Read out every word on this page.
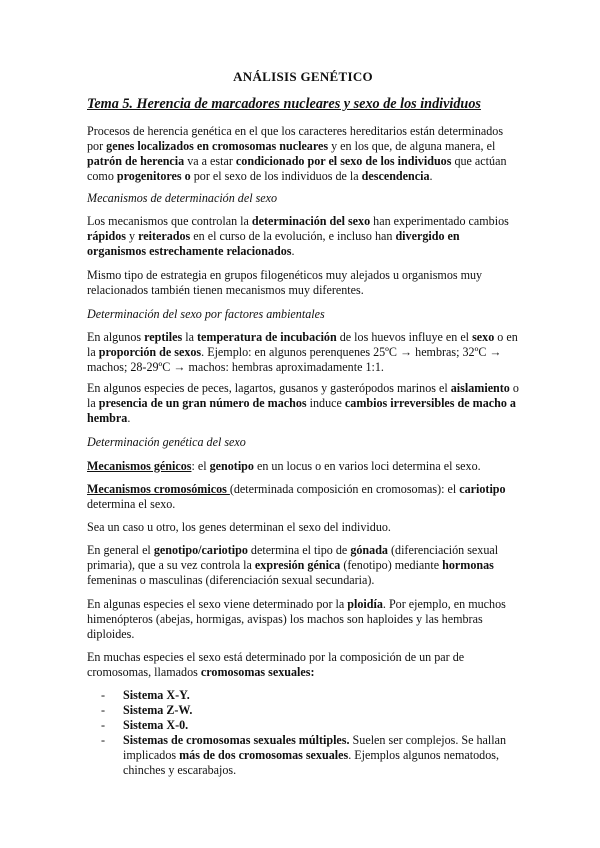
ANÁLISIS GENÉTICO
Tema 5. Herencia de marcadores nucleares y sexo de los individuos

Procesos de herencia genética en el que los caracteres hereditarios están determinados por genes localizados en cromosomas nucleares y en los que, de alguna manera, el patrón de herencia va a estar condicionado por el sexo de los individuos que actúan como progenitores o por el sexo de los individuos de la descendencia.

Mecanismos de determinación del sexo

Los mecanismos que controlan la determinación del sexo han experimentado cambios rápidos y reiterados en el curso de la evolución, e incluso han divergido en organismos estrechamente relacionados.

Mismo tipo de estrategia en grupos filogenéticos muy alejados u organismos muy relacionados también tienen mecanismos muy diferentes.

Determinación del sexo por factores ambientales

En algunos reptiles la temperatura de incubación de los huevos influye en el sexo o en la proporción de sexos. Ejemplo: en algunos perenquenes 25ºC → hembras; 32ºC → machos; 28-29ºC → machos: hembras aproximadamente 1:1.

En algunos especies de peces, lagartos, gusanos y gasterópodos marinos el aislamiento o la presencia de un gran número de machos induce cambios irreversibles de macho a hembra.

Determinación genética del sexo

Mecanismos génicos: el genotipo en un locus o en varios loci determina el sexo.

Mecanismos cromosómicos (determinada composición en cromosomas): el cariotipo determina el sexo.

Sea un caso u otro, los genes determinan el sexo del individuo.

En general el genotipo/cariotipo determina el tipo de gónada (diferenciación sexual primaria), que a su vez controla la expresión génica (fenotipo) mediante hormonas femeninas o masculinas (diferenciación sexual secundaria).

En algunas especies el sexo viene determinado por la ploidía. Por ejemplo, en muchos himenópteros (abejas, hormigas, avispas) los machos son haploides y las hembras diploides.

En muchas especies el sexo está determinado por la composición de un par de cromosomas, llamados cromosomas sexuales:

- Sistema X-Y.
- Sistema Z-W.
- Sistema X-0.
- Sistemas de cromosomas sexuales múltiples. Suelen ser complejos. Se hallan implicados más de dos cromosomas sexuales. Ejemplos algunos nematodos, chinches y escarabajos.
